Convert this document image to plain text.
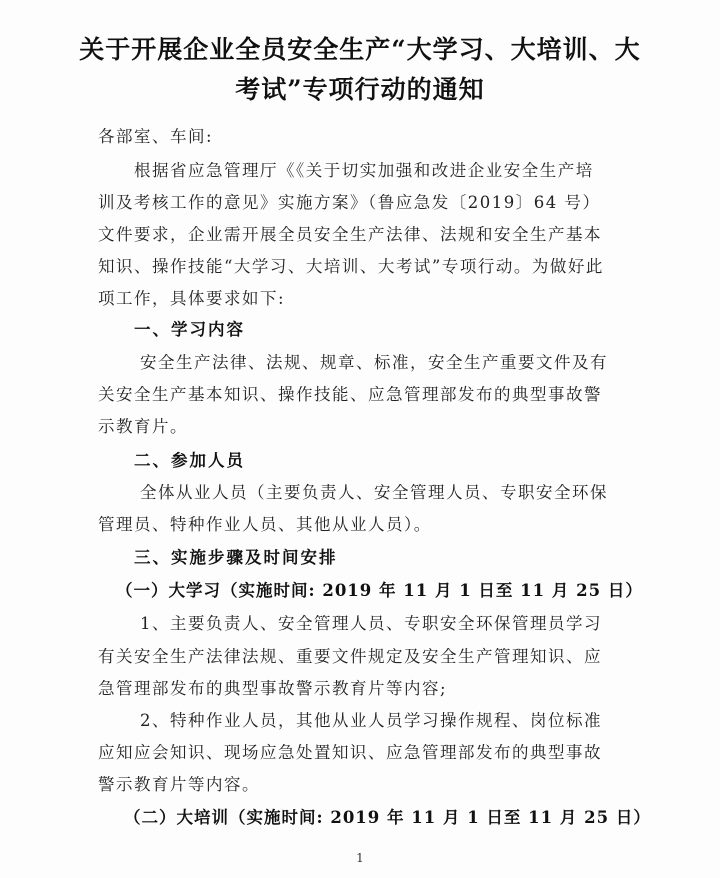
关于开展企业全员安全生产“大学习、大培训、大
考试”专项行动的通知

各部室、车间:

根据省应急管理厅《《关于切实加强和改进企业安全生产培

训及考核工作的意见》实施方案》（鲁应急发〔2019〕64 号）

文件要求，企业需开展全员安全生产法律、法规和安全生产基本

知识、操作技能“大学习、大培训、大考试”专项行动。为做好此

项工作，具体要求如下:

一、学习内容

安全生产法律、法规、规章、标准，安全生产重要文件及有

关安全生产基本知识、操作技能、应急管理部发布的典型事故警

示教育片。

二、参加人员

全体从业人员（主要负责人、安全管理人员、专职安全环保

管理员、特种作业人员、其他从业人员）。

三、实施步骤及时间安排

（一）大学习（实施时间: 2019 年 11 月 1 日至 11 月 25 日）

1、主要负责人、安全管理人员、专职安全环保管理员学习

有关安全生产法律法规、重要文件规定及安全生产管理知识、应

急管理部发布的典型事故警示教育片等内容;

2、特种作业人员，其他从业人员学习操作规程、岗位标准

应知应会知识、现场应急处置知识、应急管理部发布的典型事故

警示教育片等内容。

（二）大培训（实施时间: 2019 年 11 月 1 日至 11 月 25 日）

1
